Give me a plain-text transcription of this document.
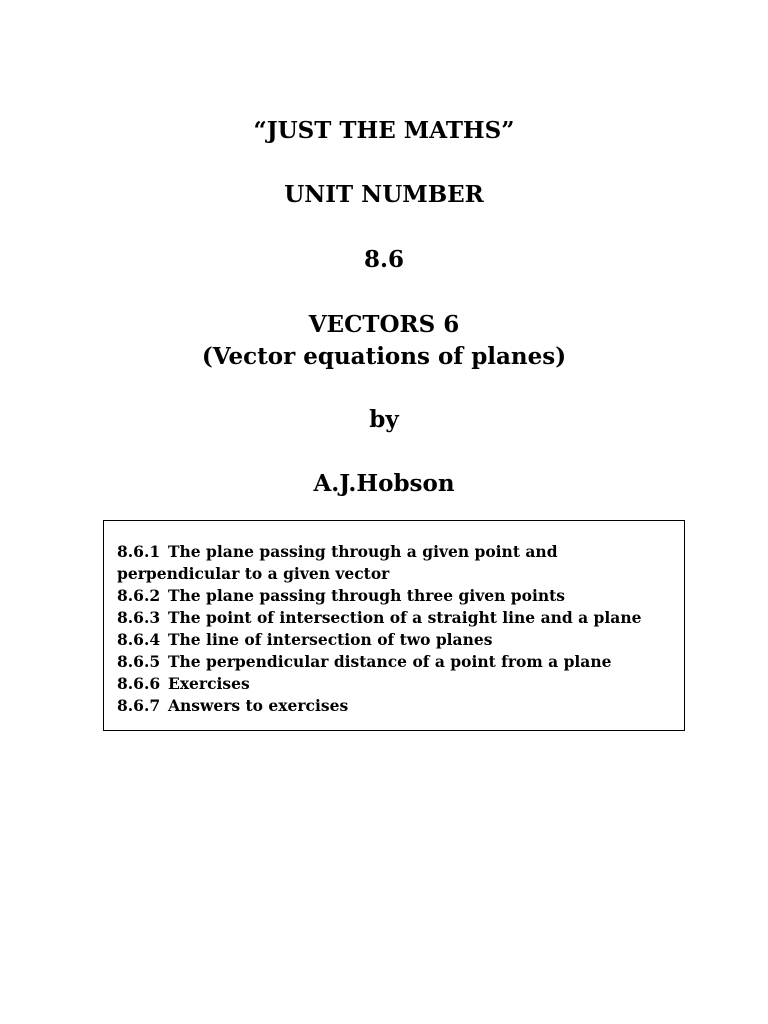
“JUST THE MATHS”
UNIT NUMBER
8.6
VECTORS 6
(Vector equations of planes)
by
A.J.Hobson
8.6.1 The plane passing through a given point and
perpendicular to a given vector
8.6.2 The plane passing through three given points
8.6.3 The point of intersection of a straight line and a plane
8.6.4 The line of intersection of two planes
8.6.5 The perpendicular distance of a point from a plane
8.6.6 Exercises
8.6.7 Answers to exercises
